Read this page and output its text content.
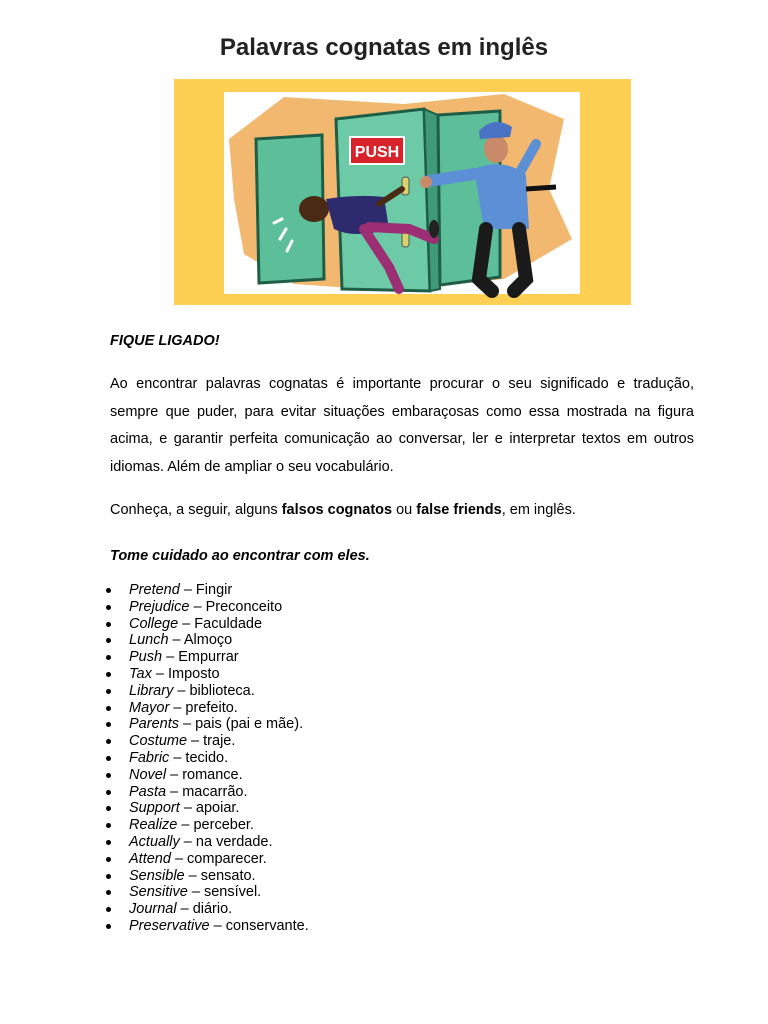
Palavras cognatas em inglês
PUSH

FIQUE LIGADO!

Ao encontrar palavras cognatas é importante procurar o seu significado e tradução, sempre que puder, para evitar situações embaraçosas como essa mostrada na figura acima, e garantir perfeita comunicação ao conversar, ler e interpretar textos em outros idiomas. Além de ampliar o seu vocabulário.

Conheça, a seguir, alguns falsos cognatos ou false friends, em inglês.

Tome cuidado ao encontrar com eles.

Pretend – Fingir
Prejudice – Preconceito
College – Faculdade
Lunch – Almoço
Push – Empurrar
Tax – Imposto
Library – biblioteca.
Mayor – prefeito.
Parents – pais (pai e mãe).
Costume – traje.
Fabric – tecido.
Novel – romance.
Pasta – macarrão.
Support – apoiar.
Realize – perceber.
Actually – na verdade.
Attend – comparecer.
Sensible – sensato.
Sensitive – sensível.
Journal – diário.
Preservative – conservante.
